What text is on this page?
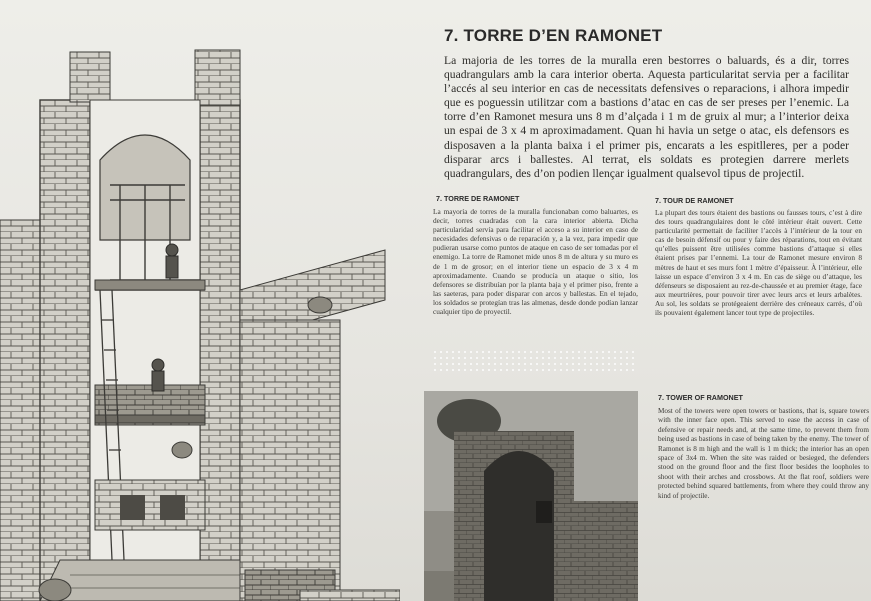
7. TORRE D’EN RAMONET

La majoria de les torres de la muralla eren bestorres o baluards, és a dir, torres quadrangulars amb la cara interior oberta. Aquesta particularitat servia per a facilitar l’accés al seu interior en cas de necessitats defensives o reparacions, i alhora impedir que es poguessin utilitzar com a bastions d’atac en cas de ser preses per l’enemic. La torre d’en Ramonet mesura uns 8 m d’alçada i 1 m de gruix al mur; a l’interior deixa un espai de 3 x 4 m aproximadament. Quan hi havia un setge o atac, els defensors es disposaven a la planta baixa i el primer pis, encarats a les espitlleres, per a poder disparar arcs i ballestes. Al terrat, els soldats es protegien darrere merlets quadrangulars, des d’on podien llençar igualment qualsevol tipus de projectil.

7. TORRE DE RAMONET

La mayoría de torres de la muralla funcionaban como baluartes, es decir, torres cuadradas con la cara interior abierta. Dicha particularidad servía para facilitar el acceso a su interior en caso de necesidades defensivas o de reparación y, a la vez, para impedir que pudieran usarse como puntos de ataque en caso de ser tomadas por el enemigo. La torre de Ramonet mide unos 8 m de altura y su muro es de 1 m de grosor; en el interior tiene un espacio de 3 x 4 m aproximadamente. Cuando se producía un ataque o sitio, los defensores se distribuían por la planta baja y el primer piso, frente a las saeteras, para poder disparar con arcos y ballestas. En el tejado, los soldados se protegían tras las almenas, desde donde podían lanzar cualquier tipo de proyectil.

7. TOUR DE RAMONET

La plupart des tours étaient des bastions ou fausses tours, c’est à dire des tours quadrangulaires dont le côté intérieur était ouvert. Cette particularité permettait de faciliter l’accès à l’intérieur de la tour en cas de besoin défensif ou pour y faire des réparations, tout en évitant qu’elles puissent être utilisées comme bastions d’attaque si elles étaient prises par l’ennemi. La tour de Ramonet mesure environ 8 mètres de haut et ses murs font 1 mètre d’épaisseur. À l’intérieur, elle laisse un espace d’environ 3 x 4 m. En cas de siège ou d’attaque, les défenseurs se disposaient au rez-de-chaussée et au premier étage, face aux meurtrières, pour pouvoir tirer avec leurs arcs et leurs arbalètes. Au sol, les soldats se protégeaient derrière des créneaux carrés, d’où ils pouvaient également lancer tout type de projectiles.

7. TOWER OF RAMONET

Most of the towers were open towers or bastions, that is, square towers with the inner face open. This served to ease the access in case of defensive or repair needs and, at the same time, to prevent them from being used as bastions in case of being taken by the enemy. The tower of Ramonet is 8 m high and the wall is 1 m thick; the interior has an open space of 3x4 m. When the site was raided or besieged, the defenders stood on the ground floor and the first floor besides the loopholes to shoot with their arches and crossbows. At the flat roof, soldiers were protected behind squared battlements, from where they could throw any kind of projectile.
